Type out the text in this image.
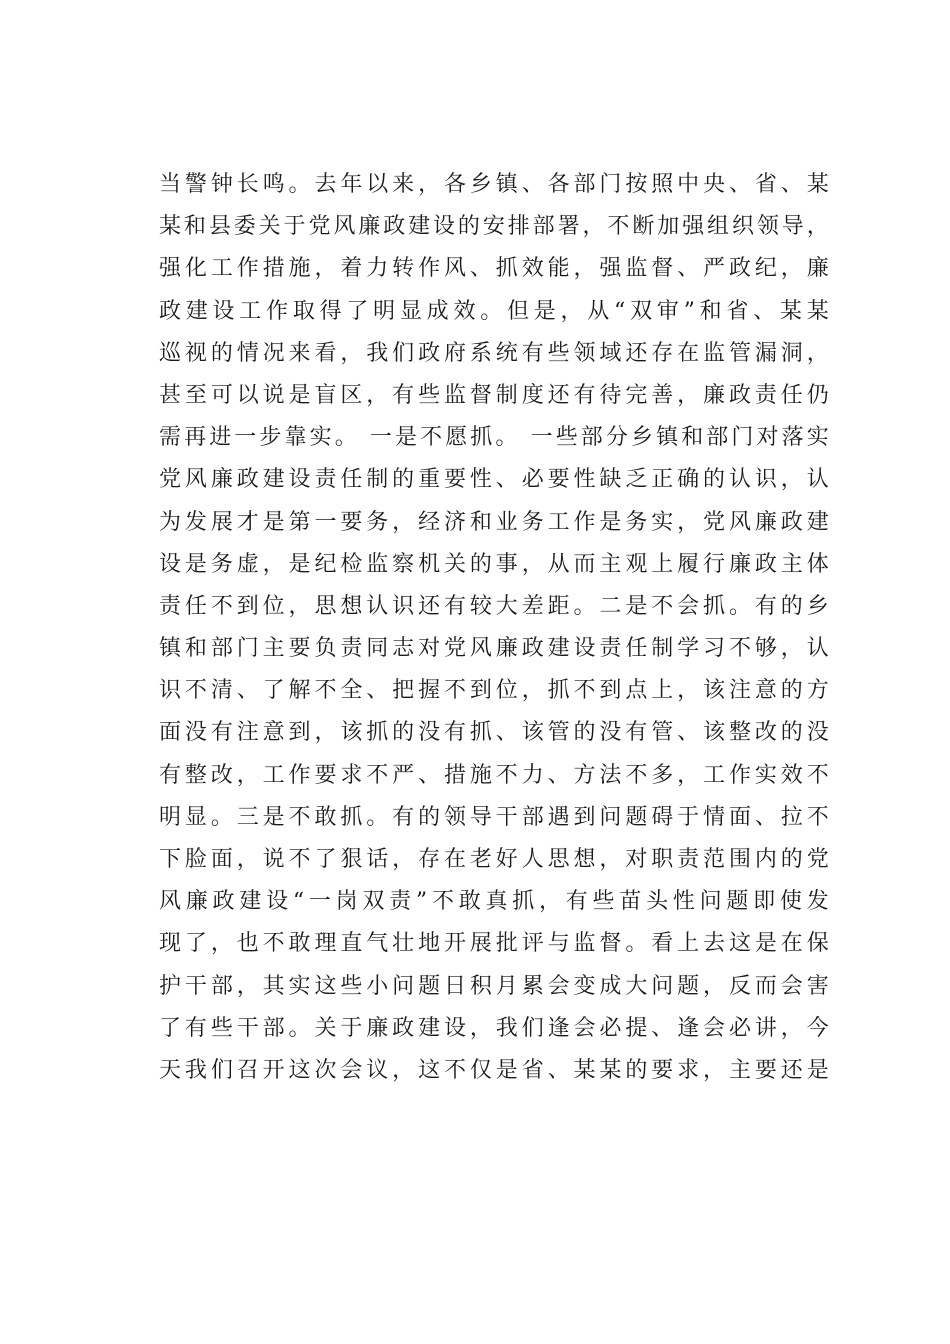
当警钟长鸣。去年以来，各乡镇、各部门按照中央、省、某
某和县委关于党风廉政建设的安排部署，不断加强组织领导，
强化工作措施，着力转作风、抓效能，强监督、严政纪，廉
政建设工作取得了明显成效。但是，从“双审”和省、某某
巡视的情况来看，我们政府系统有些领域还存在监管漏洞，
甚至可以说是盲区，有些监督制度还有待完善，廉政责任仍
需再进一步靠实。 一是不愿抓。 一些部分乡镇和部门对落实
党风廉政建设责任制的重要性、必要性缺乏正确的认识，认
为发展才是第一要务，经济和业务工作是务实，党风廉政建
设是务虚，是纪检监察机关的事，从而主观上履行廉政主体
责任不到位，思想认识还有较大差距。二是不会抓。有的乡
镇和部门主要负责同志对党风廉政建设责任制学习不够，认
识不清、了解不全、把握不到位，抓不到点上，该注意的方
面没有注意到，该抓的没有抓、该管的没有管、该整改的没
有整改，工作要求不严、措施不力、方法不多，工作实效不
明显。三是不敢抓。有的领导干部遇到问题碍于情面、拉不
下脸面，说不了狠话，存在老好人思想，对职责范围内的党
风廉政建设“一岗双责”不敢真抓，有些苗头性问题即使发
现了，也不敢理直气壮地开展批评与监督。看上去这是在保
护干部，其实这些小问题日积月累会变成大问题，反而会害
了有些干部。关于廉政建设，我们逢会必提、逢会必讲，今
天我们召开这次会议，这不仅是省、某某的要求，主要还是
